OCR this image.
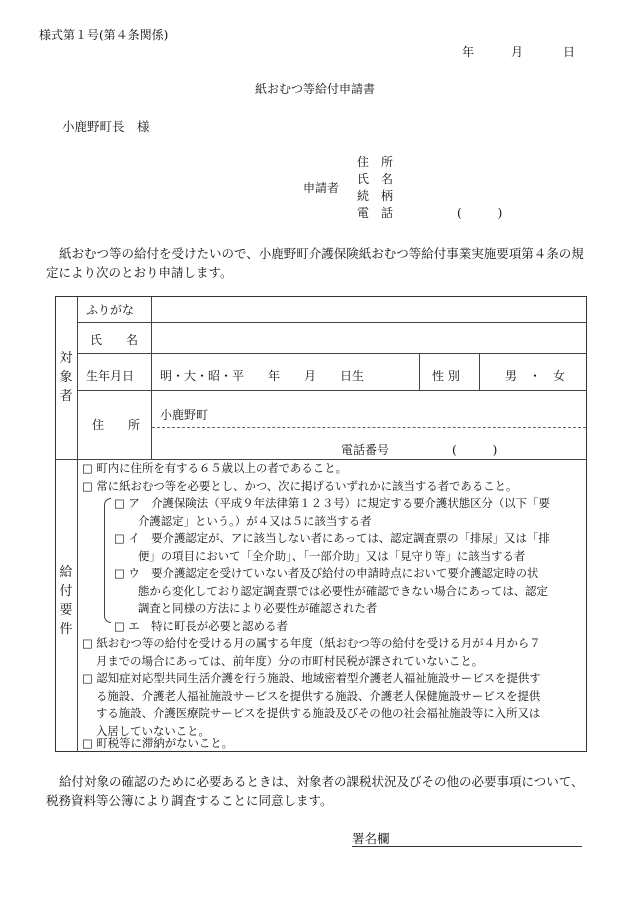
様式第１号(第４条関係)
年	月	日
紙おむつ等給付申請書
小鹿野町長　様
申請者
住　所
氏　名
続　柄
電　話	(　　　)
紙おむつ等の給付を受けたいので、小鹿野町介護保険紙おむつ等給付事業実施要項第４条の規定により次のとおり申請します。
対象者
ふりがな
氏　　名
生年月日 明・大・昭・平　　年　　月　　日生	性 別	男　・　女
住　　所
小鹿野町
電話番号	(　　　)
給付要件
□ 町内に住所を有する６５歳以上の者であること。
□ 常に紙おむつ等を必要とし、かつ、次に掲げるいずれかに該当する者であること。
□ ア　介護保険法（平成９年法律第１２３号）に規定する要介護状態区分（以下「要
介護認定」という。）が４又は５に該当する者
□ イ　要介護認定が、アに該当しない者にあっては、認定調査票の「排尿」又は「排
便」の項目において「全介助」、「一部介助」又は「見守り等」に該当する者
□ ウ　要介護認定を受けていない者及び給付の申請時点において要介護認定時の状
態から変化しており認定調査票では必要性が確認できない場合にあっては、認定
調査と同様の方法により必要性が確認された者
□ エ　特に町長が必要と認める者
□ 紙おむつ等の給付を受ける月の属する年度（紙おむつ等の給付を受ける月が４月から７
月までの場合にあっては、前年度）分の市町村民税が課されていないこと。
□ 認知症対応型共同生活介護を行う施設、地域密着型介護老人福祉施設サービスを提供す
る施設、介護老人福祉施設サービスを提供する施設、介護老人保健施設サービスを提供
する施設、介護医療院サービスを提供する施設及びその他の社会福祉施設等に入所又は
入居していないこと。
□ 町税等に滞納がないこと。
給付対象の確認のために必要あるときは、対象者の課税状況及びその他の必要事項について、税務資料等公簿により調査することに同意します。
署名欄
